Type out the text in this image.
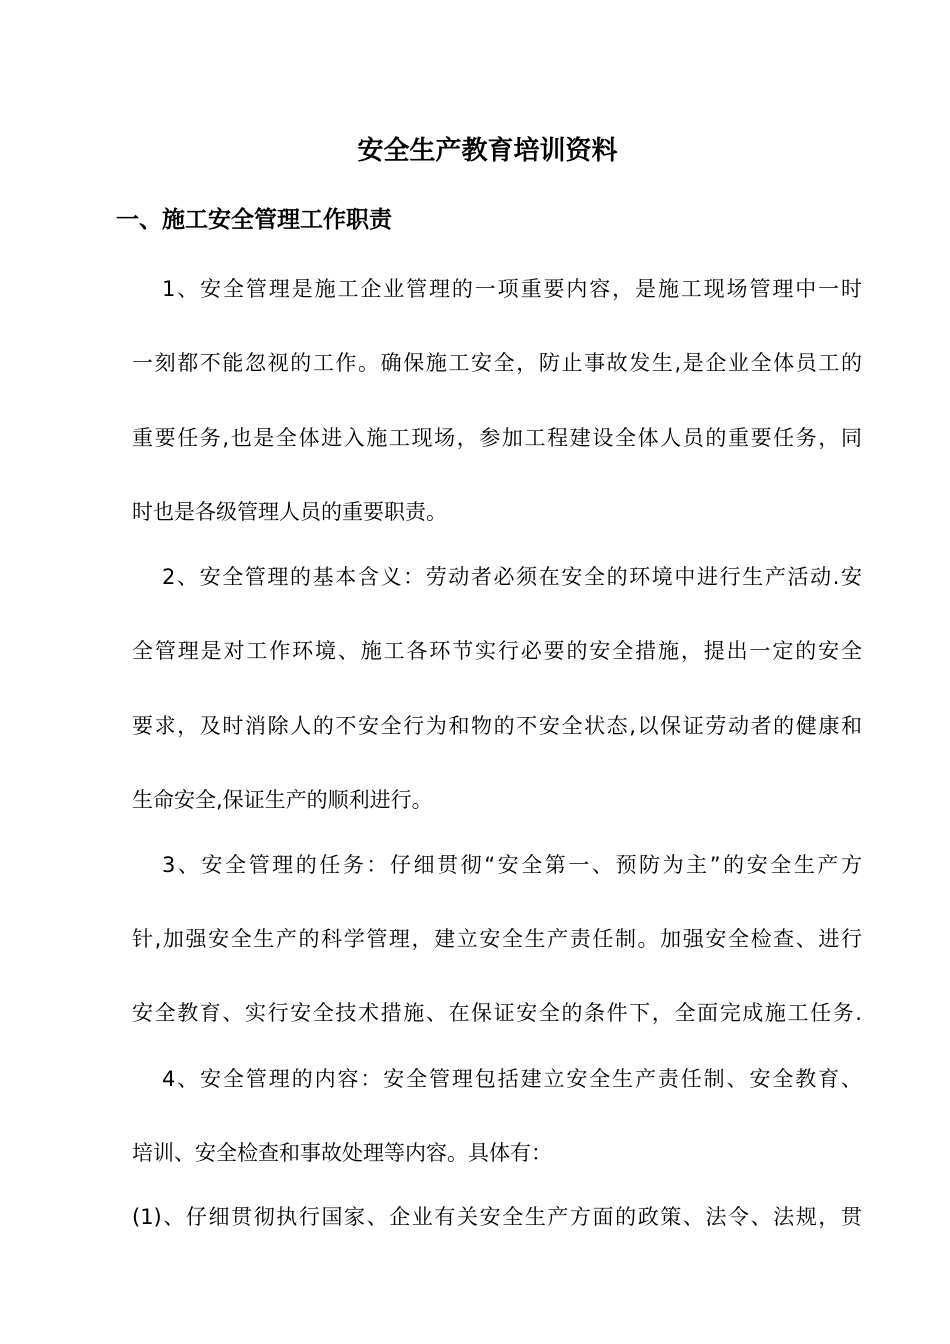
安全生产教育培训资料
一、施工安全管理工作职责
1、安全管理是施工企业管理的一项重要内容，是施工现场管理中一时
一刻都不能忽视的工作。确保施工安全，防止事故发生,是企业全体员工的
重要任务,也是全体进入施工现场，参加工程建设全体人员的重要任务，同
时也是各级管理人员的重要职责。
2、安全管理的基本含义：劳动者必须在安全的环境中进行生产活动.安
全管理是对工作环境、施工各环节实行必要的安全措施，提出一定的安全
要求，及时消除人的不安全行为和物的不安全状态,以保证劳动者的健康和
生命安全,保证生产的顺利进行。
3、安全管理的任务：仔细贯彻“安全第一、预防为主”的安全生产方
针,加强安全生产的科学管理，建立安全生产责任制。加强安全检查、进行
安全教育、实行安全技术措施、在保证安全的条件下，全面完成施工任务.
4、安全管理的内容：安全管理包括建立安全生产责任制、安全教育、
培训、安全检查和事故处理等内容。具体有：
(1)、仔细贯彻执行国家、企业有关安全生产方面的政策、法令、法规，贯
